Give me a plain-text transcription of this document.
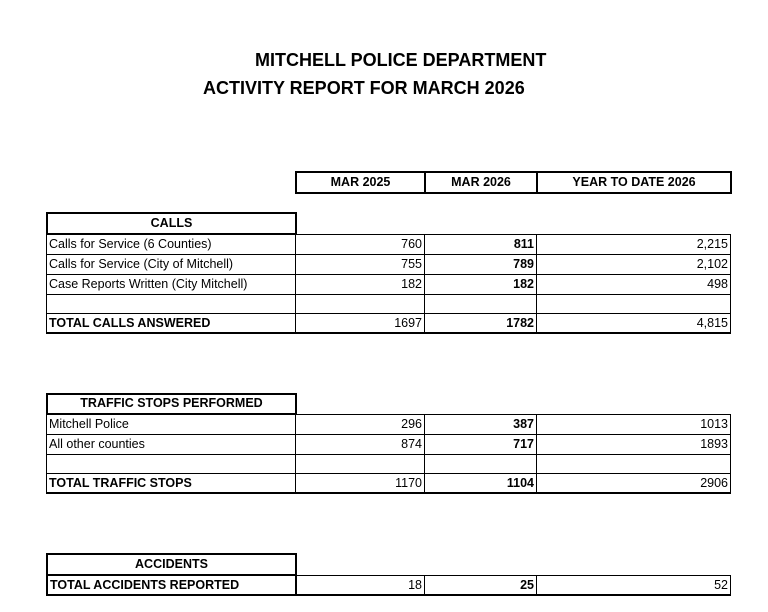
MITCHELL POLICE DEPARTMENT
ACTIVITY REPORT FOR MARCH 2026
MAR 2025	MAR 2026	YEAR TO DATE 2026
CALLS
Calls for Service (6 Counties)	760	811	2,215
Calls for Service (City of Mitchell)	755	789	2,102
Case Reports Written (City Mitchell)	182	182	498
TOTAL CALLS ANSWERED	1697	1782	4,815
TRAFFIC STOPS PERFORMED
Mitchell Police	296	387	1013
All other counties	874	717	1893
TOTAL TRAFFIC STOPS	1170	1104	2906
ACCIDENTS
TOTAL ACCIDENTS REPORTED	18	25	52
